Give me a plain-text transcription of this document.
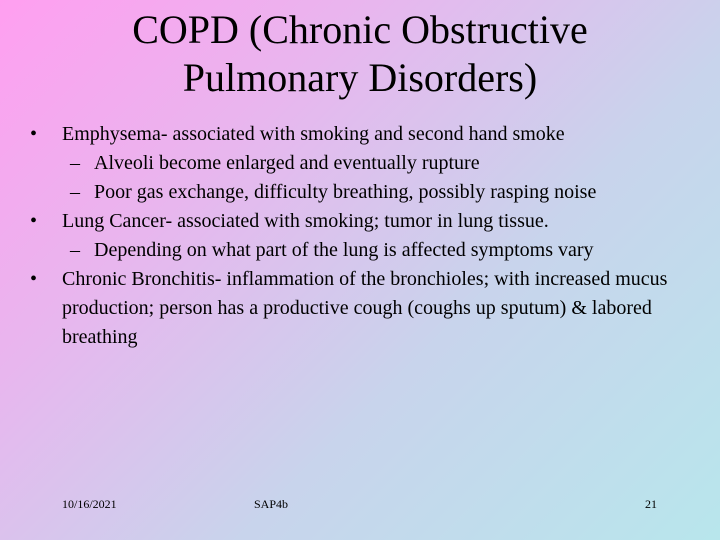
COPD (Chronic Obstructive
Pulmonary Disorders)
•	Emphysema- associated with smoking and second hand smoke
– Alveoli become enlarged and eventually rupture
– Poor gas exchange, difficulty breathing, possibly rasping noise
•	Lung Cancer- associated with smoking; tumor in lung tissue.
– Depending on what part of the lung is affected symptoms vary
•	Chronic Bronchitis- inflammation of the bronchioles; with increased mucus production; person has a productive cough (coughs up sputum) & labored breathing
10/16/2021	SAP4b	21
